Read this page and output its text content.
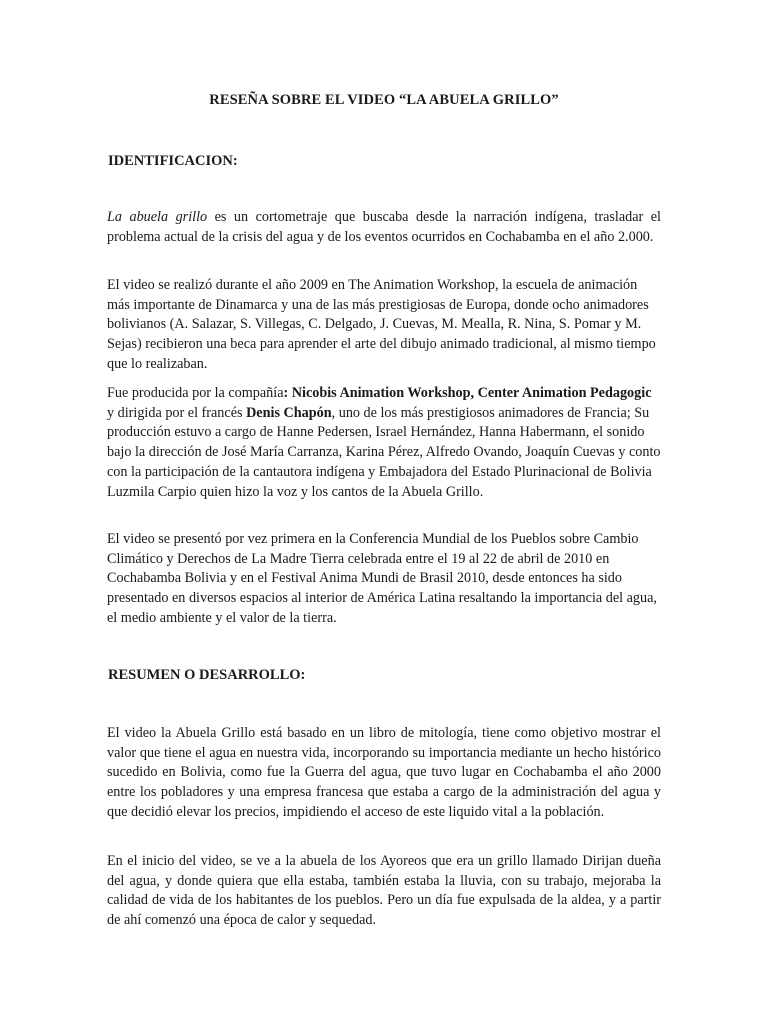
RESEÑA SOBRE EL VIDEO “LA ABUELA GRILLO”
IDENTIFICACION:

La abuela grillo es un cortometraje que buscaba desde la narración indígena, trasladar el problema actual de la crisis del agua y de los eventos ocurridos en Cochabamba en el año 2.000.

El video se realizó durante el año 2009 en The Animation Workshop, la escuela de animación más importante de Dinamarca y una de las más prestigiosas de Europa, donde ocho animadores bolivianos (A. Salazar, S. Villegas, C. Delgado, J. Cuevas, M. Mealla, R. Nina, S. Pomar y M. Sejas) recibieron una beca para aprender el arte del dibujo animado tradicional, al mismo tiempo que lo realizaban.

Fue producida por la compañía: Nicobis Animation Workshop, Center Animation Pedagogic y dirigida por el francés Denis Chapón, uno de los más prestigiosos animadores de Francia; Su producción estuvo a cargo de Hanne Pedersen, Israel Hernández, Hanna Habermann, el sonido bajo la dirección de José María Carranza, Karina Pérez, Alfredo Ovando, Joaquín Cuevas y conto con la participación de la cantautora indígena y Embajadora del Estado Plurinacional de Bolivia Luzmila Carpio quien hizo la voz y los cantos de la Abuela Grillo.

El video se presentó por vez primera en la Conferencia Mundial de los Pueblos sobre Cambio Climático y Derechos de La Madre Tierra celebrada entre el 19 al 22 de abril de 2010 en Cochabamba Bolivia y en el Festival Anima Mundi de Brasil 2010, desde entonces ha sido presentado en diversos espacios al interior de América Latina resaltando la importancia del agua, el medio ambiente y el valor de la tierra.

RESUMEN O DESARROLLO:

El video la Abuela Grillo está basado en un libro de mitología, tiene como objetivo mostrar el valor que tiene el agua en nuestra vida, incorporando su importancia mediante un hecho histórico sucedido en Bolivia, como fue la Guerra del agua, que tuvo lugar en Cochabamba el año 2000 entre los pobladores y una empresa francesa que estaba a cargo de la administración del agua y que decidió elevar los precios, impidiendo el acceso de este liquido vital a la población.

En el inicio del video, se ve a la abuela de los Ayoreos que era un grillo llamado Dirijan dueña del agua, y donde quiera que ella estaba, también estaba la lluvia, con su trabajo, mejoraba la calidad de vida de los habitantes de los pueblos. Pero un día fue expulsada de la aldea, y a partir de ahí comenzó una época de calor y sequedad.
